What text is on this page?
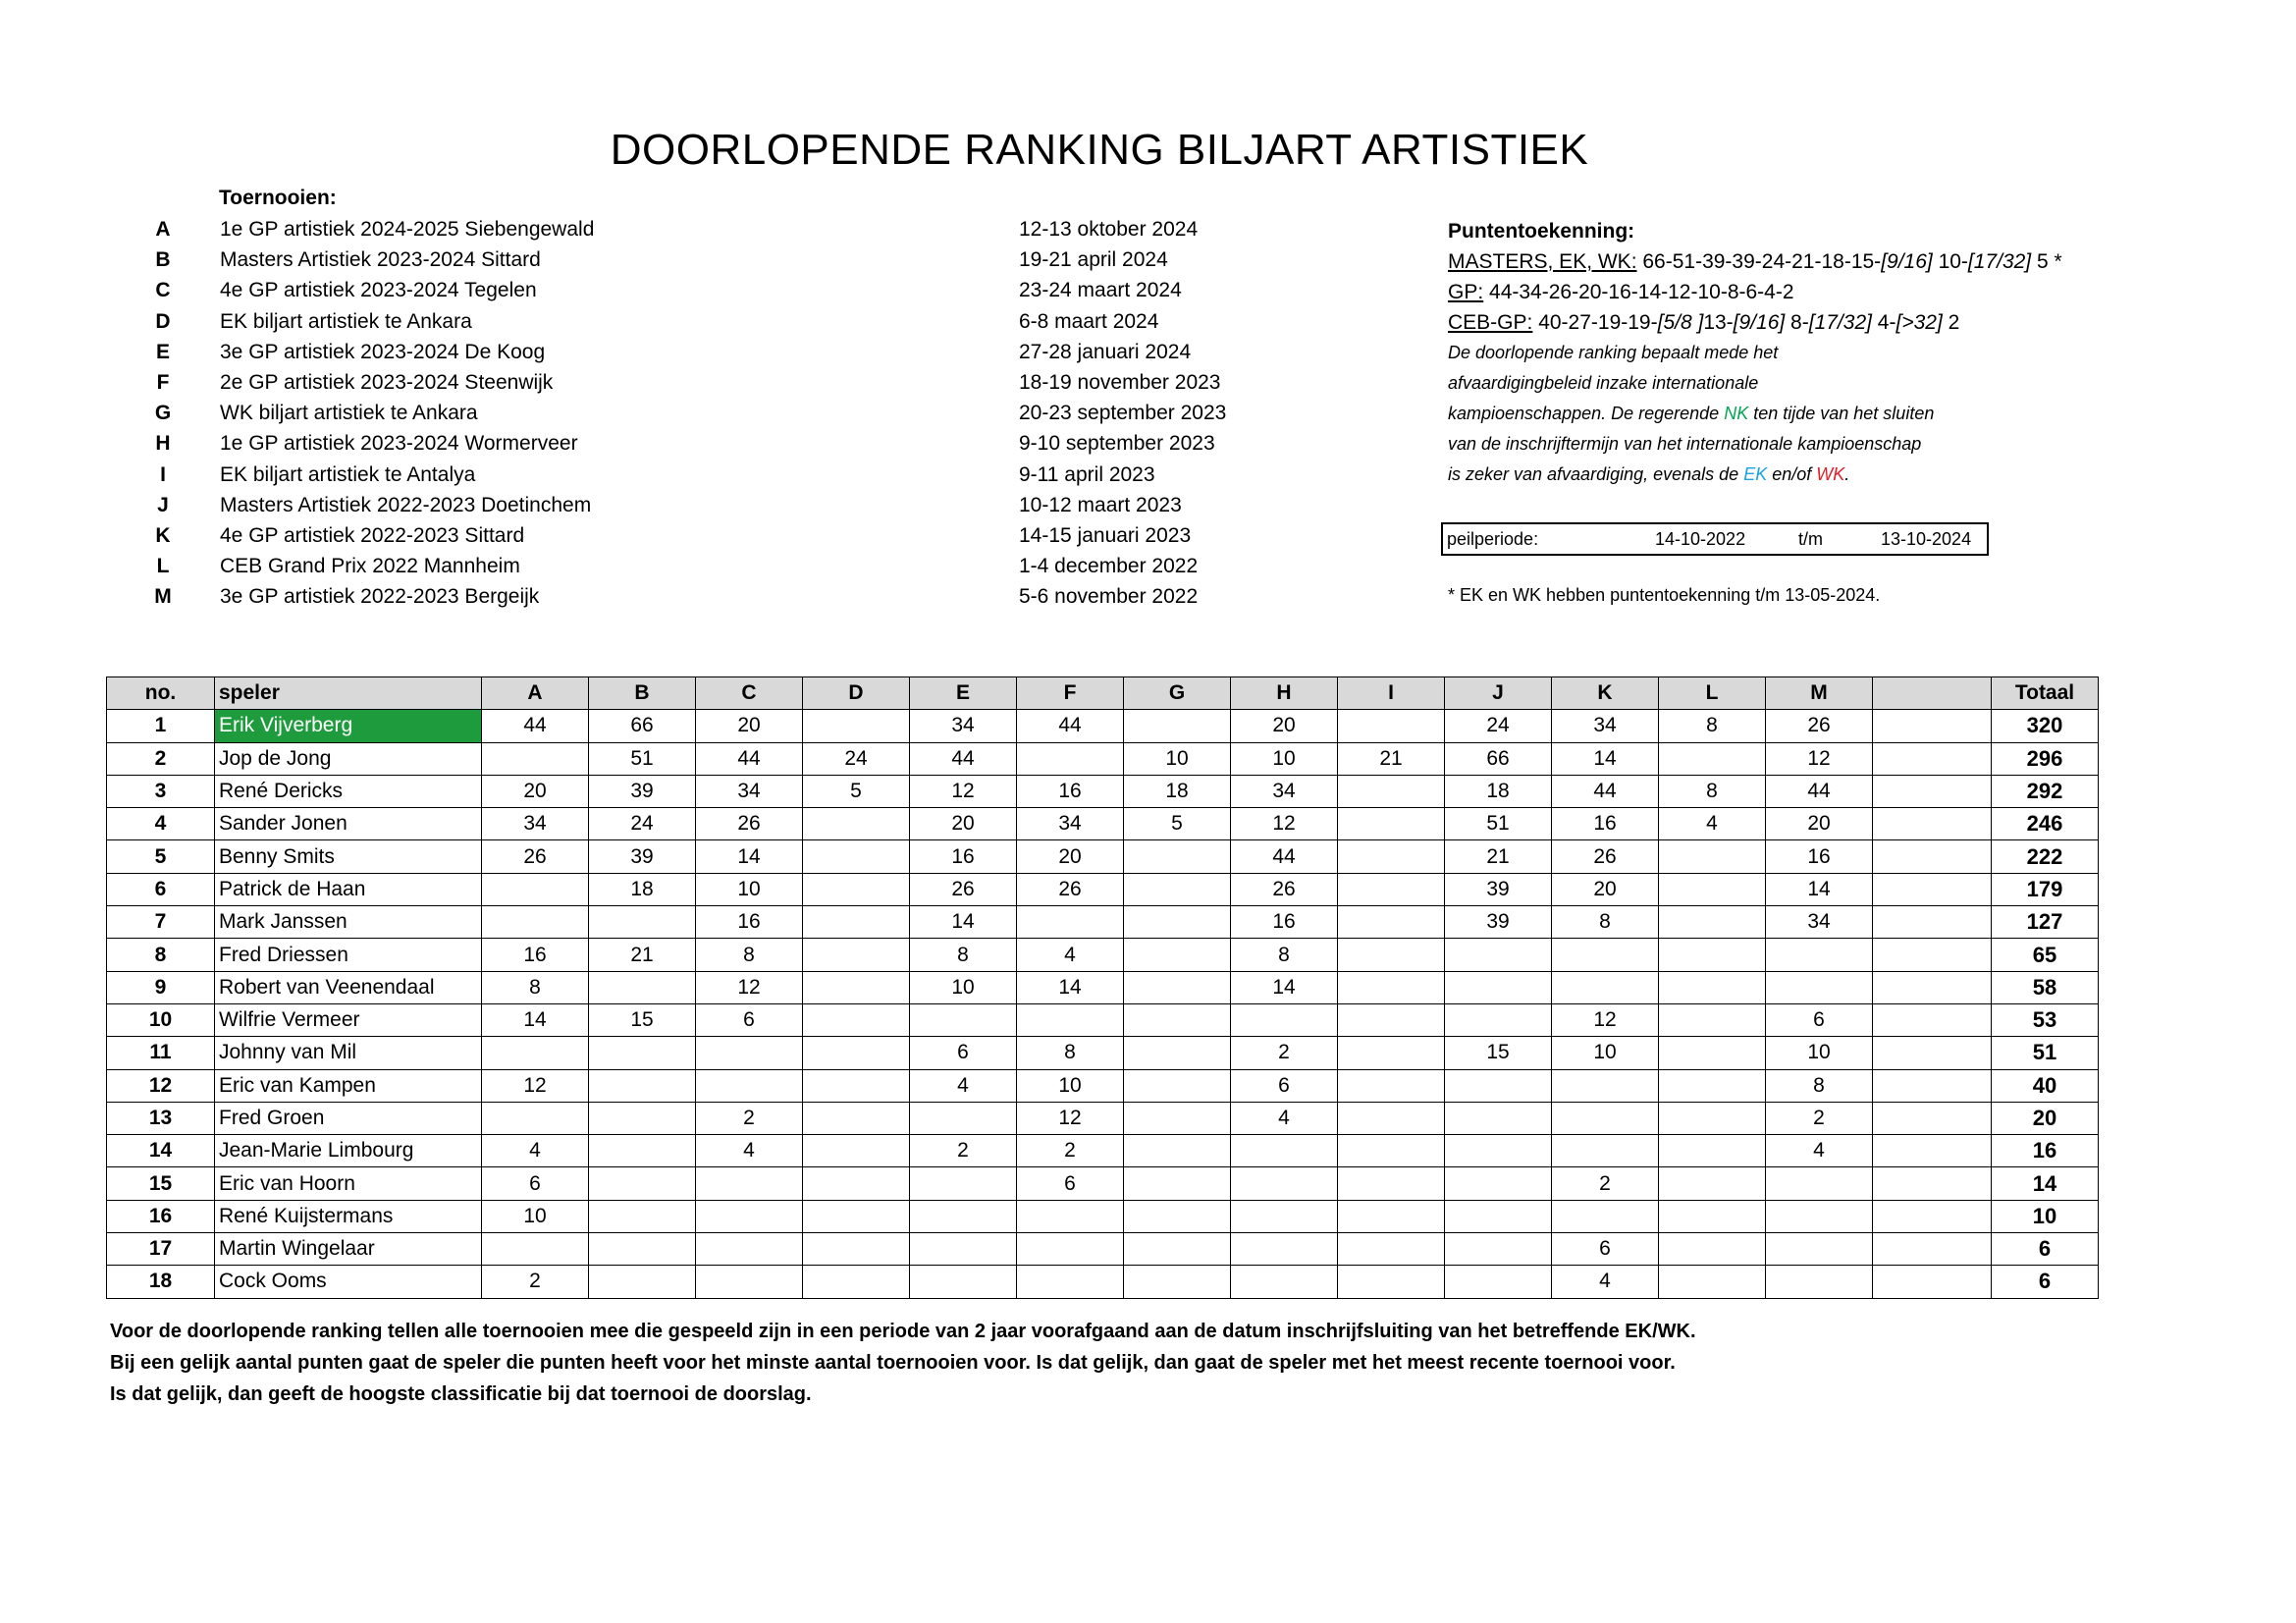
DOORLOPENDE RANKING BILJART ARTISTIEK
Toernooien:
A	1e GP artistiek 2024-2025 Siebengewald	12-13 oktober 2024
B	Masters Artistiek 2023-2024 Sittard	19-21 april 2024
C	4e GP artistiek 2023-2024 Tegelen	23-24 maart 2024
D	EK biljart artistiek te Ankara	6-8 maart 2024
E	3e GP artistiek 2023-2024 De Koog	27-28 januari 2024
F	2e GP artistiek 2023-2024 Steenwijk	18-19 november 2023
G	WK biljart artistiek te Ankara	20-23 september 2023
H	1e GP artistiek 2023-2024 Wormerveer	9-10 september 2023
I	EK biljart artistiek te Antalya	9-11 april 2023
J	Masters Artistiek 2022-2023 Doetinchem	10-12 maart 2023
K	4e GP artistiek 2022-2023 Sittard	14-15 januari 2023
L	CEB Grand Prix 2022 Mannheim	1-4 december 2022
M	3e GP artistiek 2022-2023 Bergeijk	5-6 november 2022
Puntentoekenning:
MASTERS, EK, WK: 66-51-39-39-24-21-18-15-[9/16] 10-[17/32] 5 *
GP: 44-34-26-20-16-14-12-10-8-6-4-2
CEB-GP: 40-27-19-19-[5/8 ]13-[9/16] 8-[17/32] 4-[>32] 2
De doorlopende ranking bepaalt mede het
afvaardigingbeleid inzake internationale
kampioenschappen. De regerende NK ten tijde van het sluiten
van de inschrijftermijn van het internationale kampioenschap
is zeker van afvaardiging, evenals de EK en/of WK.
peilperiode:	14-10-2022	t/m	13-10-2024
* EK en WK hebben puntentoekenning t/m 13-05-2024.
no.	speler	A	B	C	D	E	F	G	H	I	J	K	L	M		Totaal
1	Erik Vijverberg	44	66	20		34	44		20		24	34	8	26		320
2	Jop de Jong		51	44	24	44		10	10	21	66	14		12		296
3	René Dericks	20	39	34	5	12	16	18	34		18	44	8	44		292
4	Sander Jonen	34	24	26		20	34	5	12		51	16	4	20		246
5	Benny Smits	26	39	14		16	20		44		21	26		16		222
6	Patrick de Haan		18	10		26	26		26		39	20		14		179
7	Mark Janssen			16		14			16		39	8		34		127
8	Fred Driessen	16	21	8		8	4		8							65
9	Robert van Veenendaal	8		12		10	14		14							58
10	Wilfrie Vermeer	14	15	6								12		6		53
11	Johnny van Mil					6	8		2		15	10		10		51
12	Eric van Kampen	12				4	10		6					8		40
13	Fred Groen			2			12		4					2		20
14	Jean-Marie Limbourg	4		4		2	2							4		16
15	Eric van Hoorn	6					6					2				14
16	René Kuijstermans	10														10
17	Martin Wingelaar											6				6
18	Cock Ooms	2										4				6
Voor de doorlopende ranking tellen alle toernooien mee die gespeeld zijn in een periode van 2 jaar voorafgaand aan de datum inschrijfsluiting van het betreffende EK/WK.
Bij een gelijk aantal punten gaat de speler die punten heeft voor het minste aantal toernooien voor. Is dat gelijk, dan gaat de speler met het meest recente toernooi voor.
Is dat gelijk, dan geeft de hoogste classificatie bij dat toernooi de doorslag.
